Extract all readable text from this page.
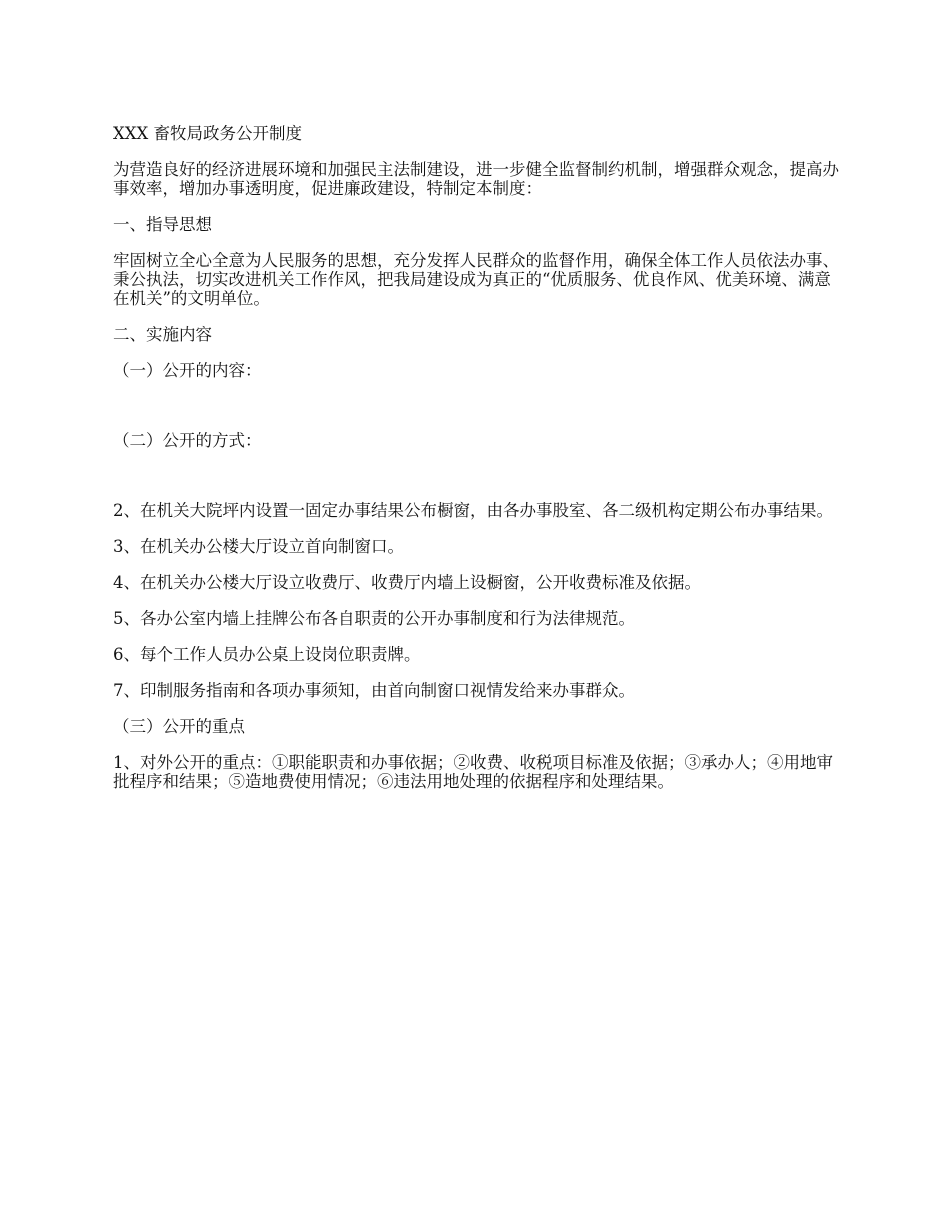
XXX 畜牧局政务公开制度

为营造良好的经济进展环境和加强民主法制建设，进一步健全监督制约机制，增强群众观念，提高办事效率，增加办事透明度，促进廉政建设，特制定本制度：

一、指导思想

牢固树立全心全意为人民服务的思想，充分发挥人民群众的监督作用，确保全体工作人员依法办事、秉公执法，切实改进机关工作作风，把我局建设成为真正的“优质服务、优良作风、优美环境、满意在机关”的文明单位。

二、实施内容

（一）公开的内容：

（二）公开的方式：

2、在机关大院坪内设置一固定办事结果公布橱窗，由各办事股室、各二级机构定期公布办事结果。

3、在机关办公楼大厅设立首向制窗口。

4、在机关办公楼大厅设立收费厅、收费厅内墙上设橱窗，公开收费标准及依据。

5、各办公室内墙上挂牌公布各自职责的公开办事制度和行为法律规范。

6、每个工作人员办公桌上设岗位职责牌。

7、印制服务指南和各项办事须知，由首向制窗口视情发给来办事群众。

（三）公开的重点

1、对外公开的重点：①职能职责和办事依据；②收费、收税项目标准及依据；③承办人；④用地审批程序和结果；⑤造地费使用情况；⑥违法用地处理的依据程序和处理结果。
